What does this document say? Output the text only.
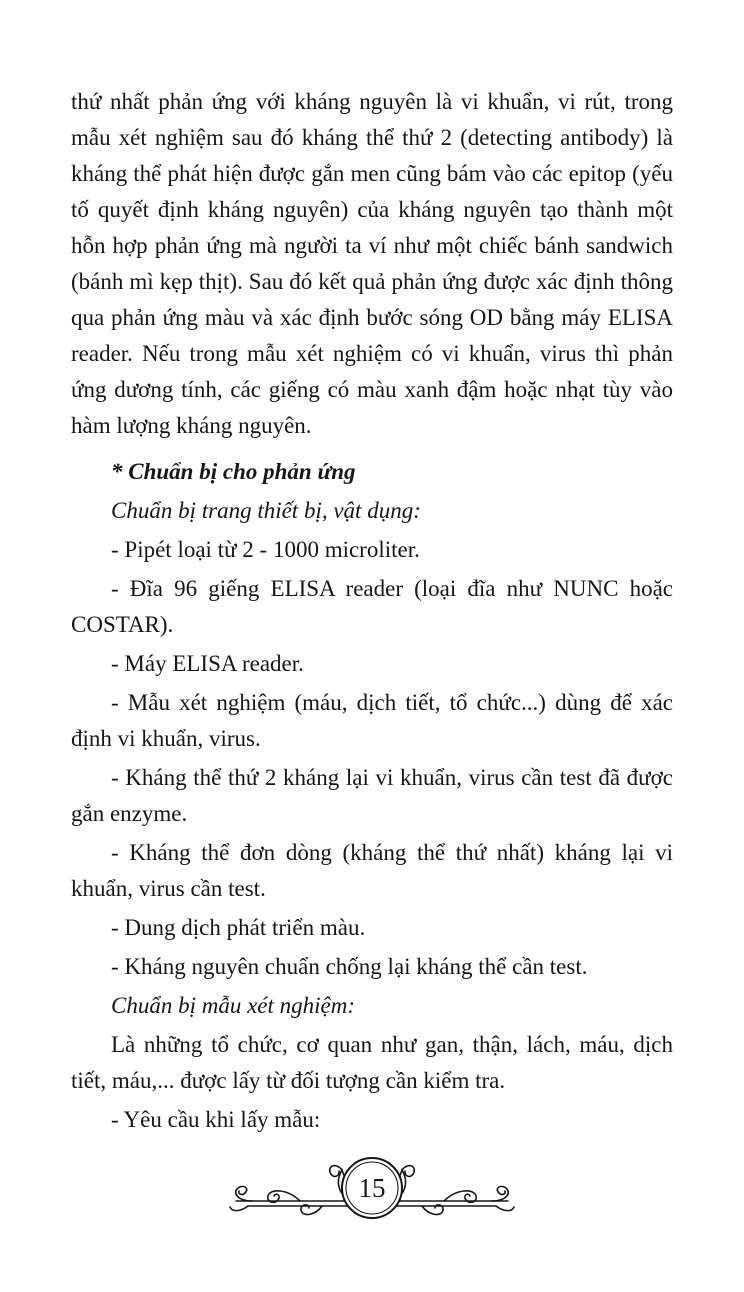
thứ nhất phản ứng với kháng nguyên là vi khuẩn, vi rút, trong mẫu xét nghiệm sau đó kháng thể thứ 2 (detecting antibody) là kháng thể phát hiện được gắn men cũng bám vào các epitop (yếu tố quyết định kháng nguyên) của kháng nguyên tạo thành một hỗn hợp phản ứng mà người ta ví như một chiếc bánh sandwich (bánh mì kẹp thịt). Sau đó kết quả phản ứng được xác định thông qua phản ứng màu và xác định bước sóng OD bằng máy ELISA reader. Nếu trong mẫu xét nghiệm có vi khuẩn, virus thì phản ứng dương tính, các giếng có màu xanh đậm hoặc nhạt tùy vào hàm lượng kháng nguyên.

* Chuẩn bị cho phản ứng

Chuẩn bị trang thiết bị, vật dụng:

- Pipét loại từ 2 - 1000 microliter.

- Đĩa 96 giếng ELISA reader (loại đĩa như NUNC hoặc COSTAR).

- Máy ELISA reader.

- Mẫu xét nghiệm (máu, dịch tiết, tổ chức...) dùng để xác định vi khuẩn, virus.

- Kháng thể thứ 2 kháng lại vi khuẩn, virus cần test đã được gắn enzyme.

- Kháng thể đơn dòng (kháng thể thứ nhất) kháng lại vi khuẩn, virus cần test.

- Dung dịch phát triển màu.

- Kháng nguyên chuẩn chống lại kháng thể cần test.

Chuẩn bị mẫu xét nghiệm:

Là những tổ chức, cơ quan như gan, thận, lách, máu, dịch tiết, máu,... được lấy từ đối tượng cần kiểm tra.

- Yêu cầu khi lấy mẫu:

15
